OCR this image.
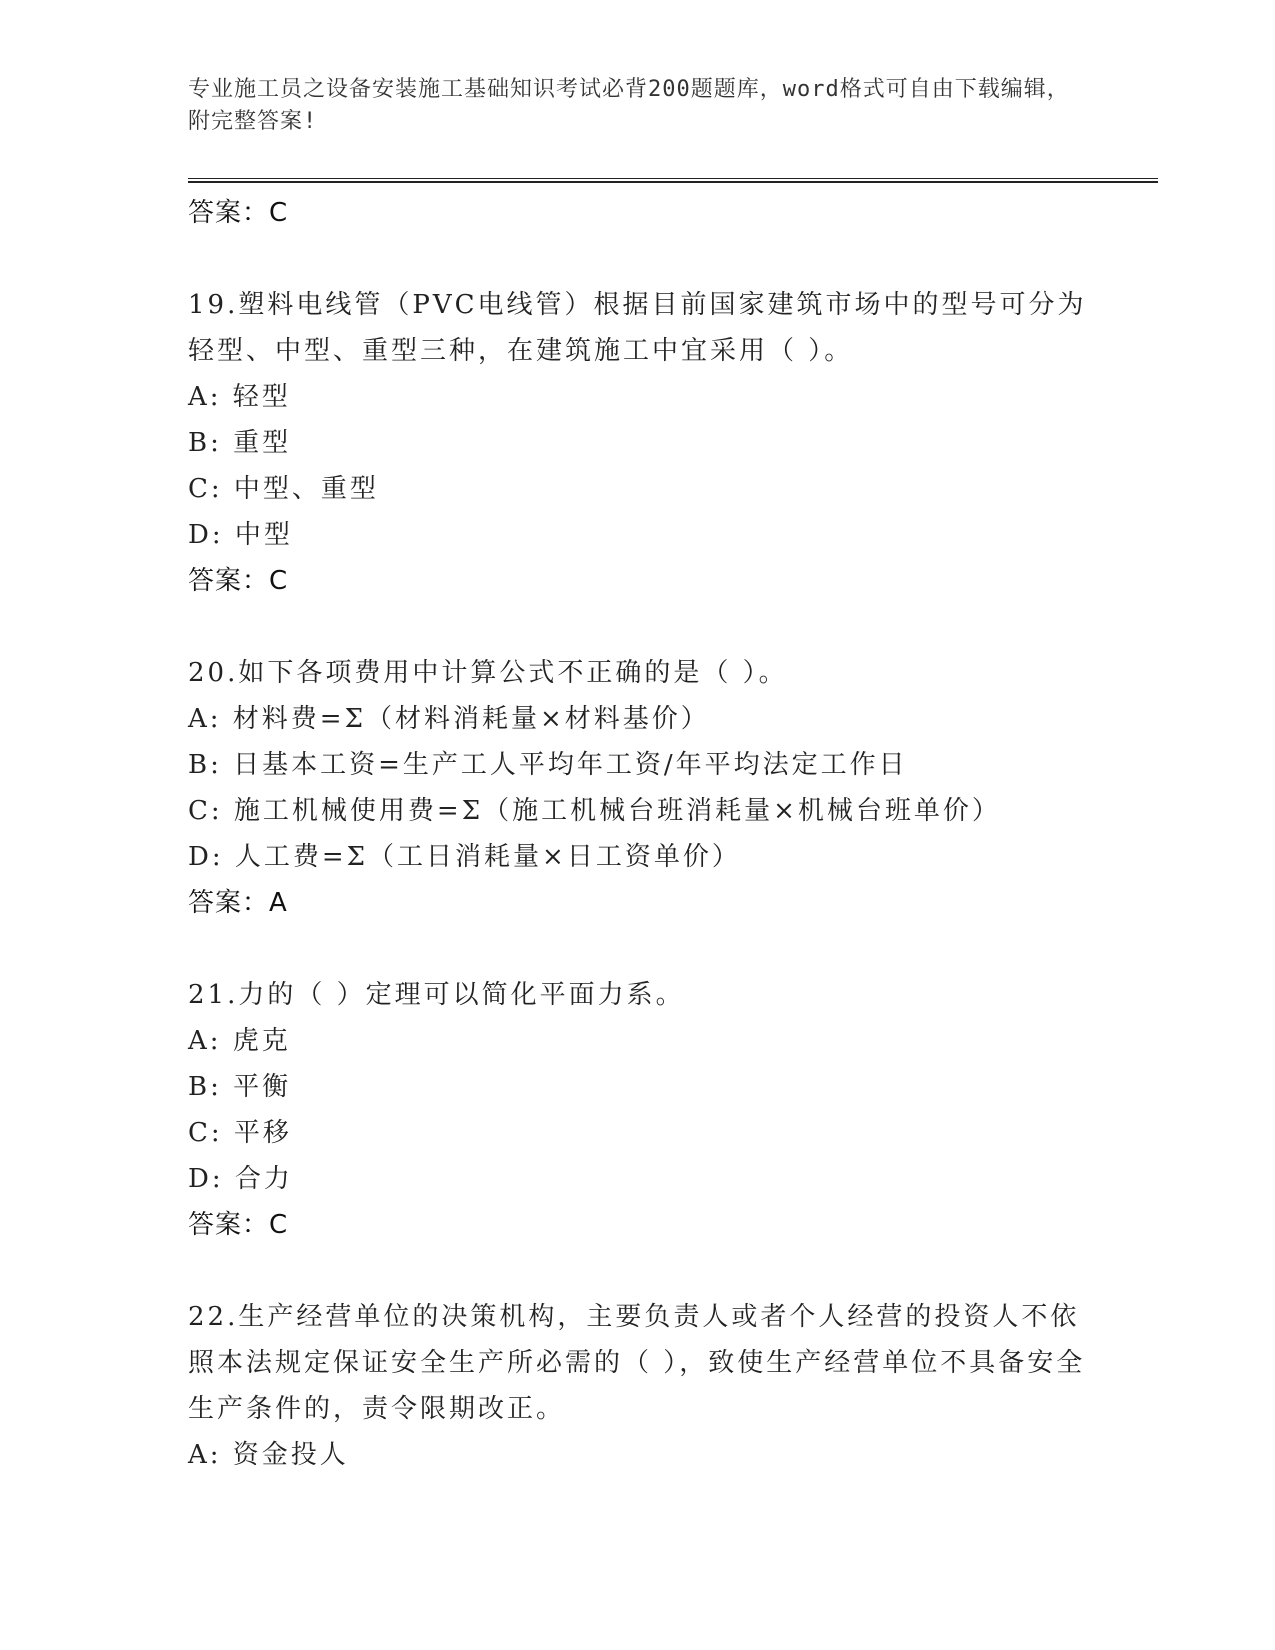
专业施工员之设备安装施工基础知识考试必背200题题库，word格式可自由下载编辑，附完整答案!
答案：C
19.塑料电线管（PVC电线管）根据目前国家建筑市场中的型号可分为轻型、中型、重型三种，在建筑施工中宜采用（ ）。
A: 轻型
B: 重型
C: 中型、重型
D: 中型
答案：C
20.如下各项费用中计算公式不正确的是（ ）。
A: 材料费=Σ（材料消耗量×材料基价）
B: 日基本工资=生产工人平均年工资/年平均法定工作日
C: 施工机械使用费=Σ（施工机械台班消耗量×机械台班单价）
D: 人工费=Σ（工日消耗量×日工资单价）
答案：A
21.力的（ ）定理可以简化平面力系。
A: 虎克
B: 平衡
C: 平移
D: 合力
答案：C
22.生产经营单位的决策机构，主要负责人或者个人经营的投资人不依照本法规定保证安全生产所必需的（ ），致使生产经营单位不具备安全生产条件的，责令限期改正。
A: 资金投人
